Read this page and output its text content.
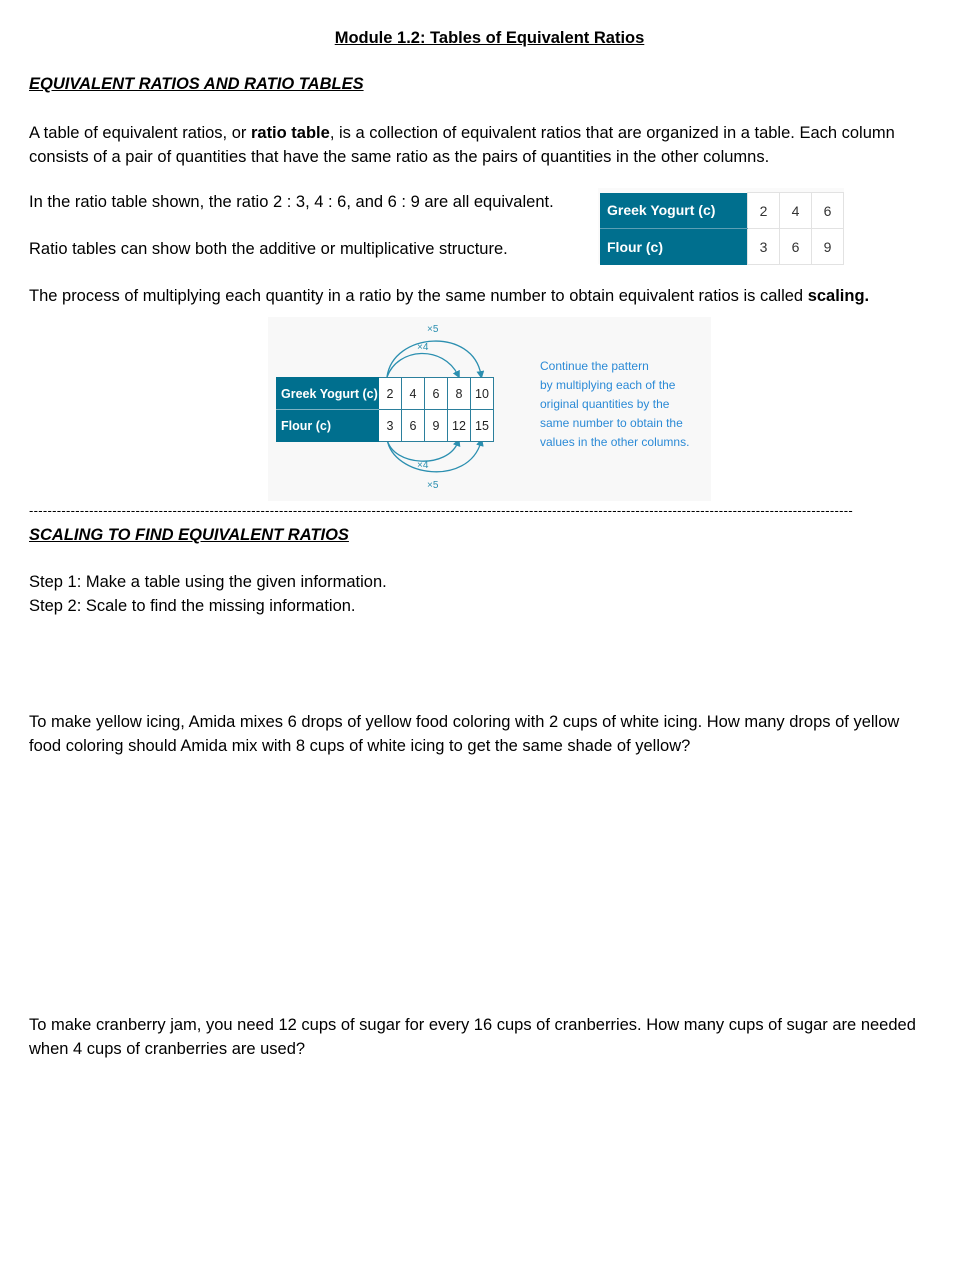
Module 1.2: Tables of Equivalent Ratios
EQUIVALENT RATIOS AND RATIO TABLES
A table of equivalent ratios, or ratio table, is a collection of equivalent ratios that are organized in a table. Each column consists of a pair of quantities that have the same ratio as the pairs of quantities in the other columns.
In the ratio table shown, the ratio 2 : 3, 4 : 6, and 6 : 9 are all equivalent.	Greek Yogurt (c)	2	4	6
Flour (c)	3	6	9
Ratio tables can show both the additive or multiplicative structure.
The process of multiplying each quantity in a ratio by the same number to obtain equivalent ratios is called scaling.
×5
×4
×4
×5
Greek Yogurt (c)	2	4	6	8	10
Flour (c)	3	6	9	12	15
Continue the pattern
by multiplying each of the
original quantities by the
same number to obtain the
values in the other columns.
----------------------------------------------------------------------------------------------------------------------------------------------------------------------------------
SCALING TO FIND EQUIVALENT RATIOS
Step 1: Make a table using the given information.
Step 2: Scale to find the missing information.
To make yellow icing, Amida mixes 6 drops of yellow food coloring with 2 cups of white icing. How many drops of yellow food coloring should Amida mix with 8 cups of white icing to get the same shade of yellow?
To make cranberry jam, you need 12 cups of sugar for every 16 cups of cranberries. How many cups of sugar are needed when 4 cups of cranberries are used?
